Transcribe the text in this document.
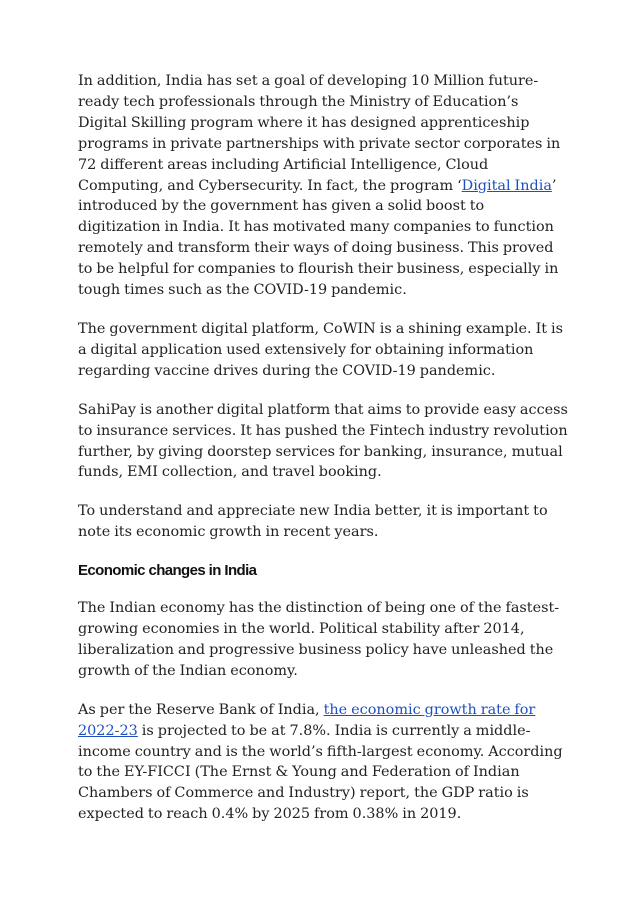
In addition, India has set a goal of developing 10 Million future-ready tech professionals through the Ministry of Education’s Digital Skilling program where it has designed apprenticeship programs in private partnerships with private sector corporates in 72 different areas including Artificial Intelligence, Cloud Computing, and Cybersecurity. In fact, the program ‘Digital India’ introduced by the government has given a solid boost to digitization in India. It has motivated many companies to function remotely and transform their ways of doing business. This proved to be helpful for companies to flourish their business, especially in tough times such as the COVID-19 pandemic.

The government digital platform, CoWIN is a shining example. It is a digital application used extensively for obtaining information regarding vaccine drives during the COVID-19 pandemic.

SahiPay is another digital platform that aims to provide easy access to insurance services. It has pushed the Fintech industry revolution further, by giving doorstep services for banking, insurance, mutual funds, EMI collection, and travel booking.

To understand and appreciate new India better, it is important to note its economic growth in recent years.

Economic changes in India

The Indian economy has the distinction of being one of the fastest-growing economies in the world. Political stability after 2014, liberalization and progressive business policy have unleashed the growth of the Indian economy.

As per the Reserve Bank of India, the economic growth rate for 2022-23 is projected to be at 7.8%. India is currently a middle-income country and is the world’s fifth-largest economy. According to the EY-FICCI (The Ernst & Young and Federation of Indian Chambers of Commerce and Industry) report, the GDP ratio is expected to reach 0.4% by 2025 from 0.38% in 2019.
